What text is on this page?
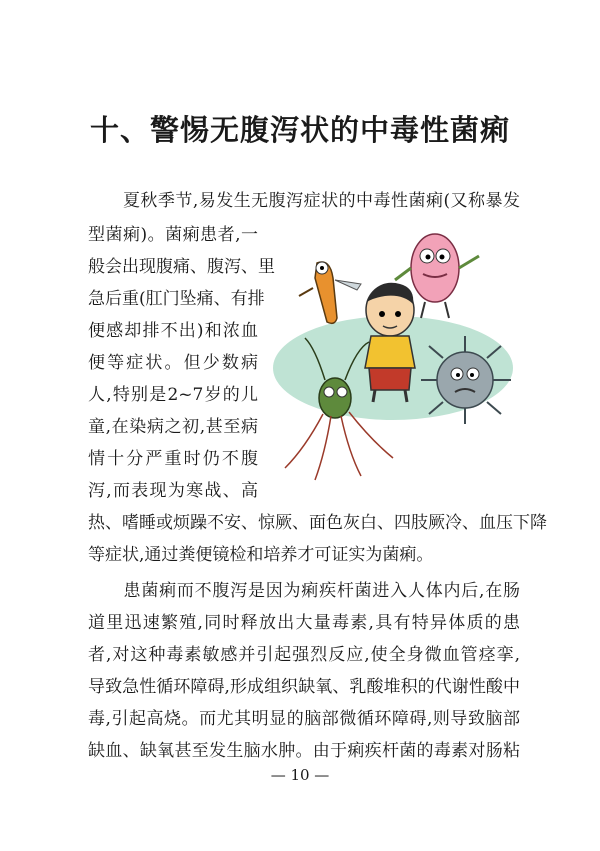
十、警惕无腹泻状的中毒性菌痢

　　夏秋季节,易发生无腹泻症状的中毒性菌痢(又称暴发

型菌痢)。菌痢患者,一

般会出现腹痛、腹泻、里

急后重(肛门坠痛、有排

便感却排不出)和浓血

便等症状。但少数病

人,特别是2~7岁的儿

童,在染病之初,甚至病

情十分严重时仍不腹

泻,而表现为寒战、高

热、嗜睡或烦躁不安、惊厥、面色灰白、四肢厥冷、血压下降

等症状,通过粪便镜检和培养才可证实为菌痢。

　　患菌痢而不腹泻是因为痢疾杆菌进入人体内后,在肠

道里迅速繁殖,同时释放出大量毒素,具有特异体质的患

者,对这种毒素敏感并引起强烈反应,使全身微血管痉挛,

导致急性循环障碍,形成组织缺氧、乳酸堆积的代谢性酸中

毒,引起高烧。而尤其明显的脑部微循环障碍,则导致脑部

缺血、缺氧甚至发生脑水肿。由于痢疾杆菌的毒素对肠粘

— 10 —
